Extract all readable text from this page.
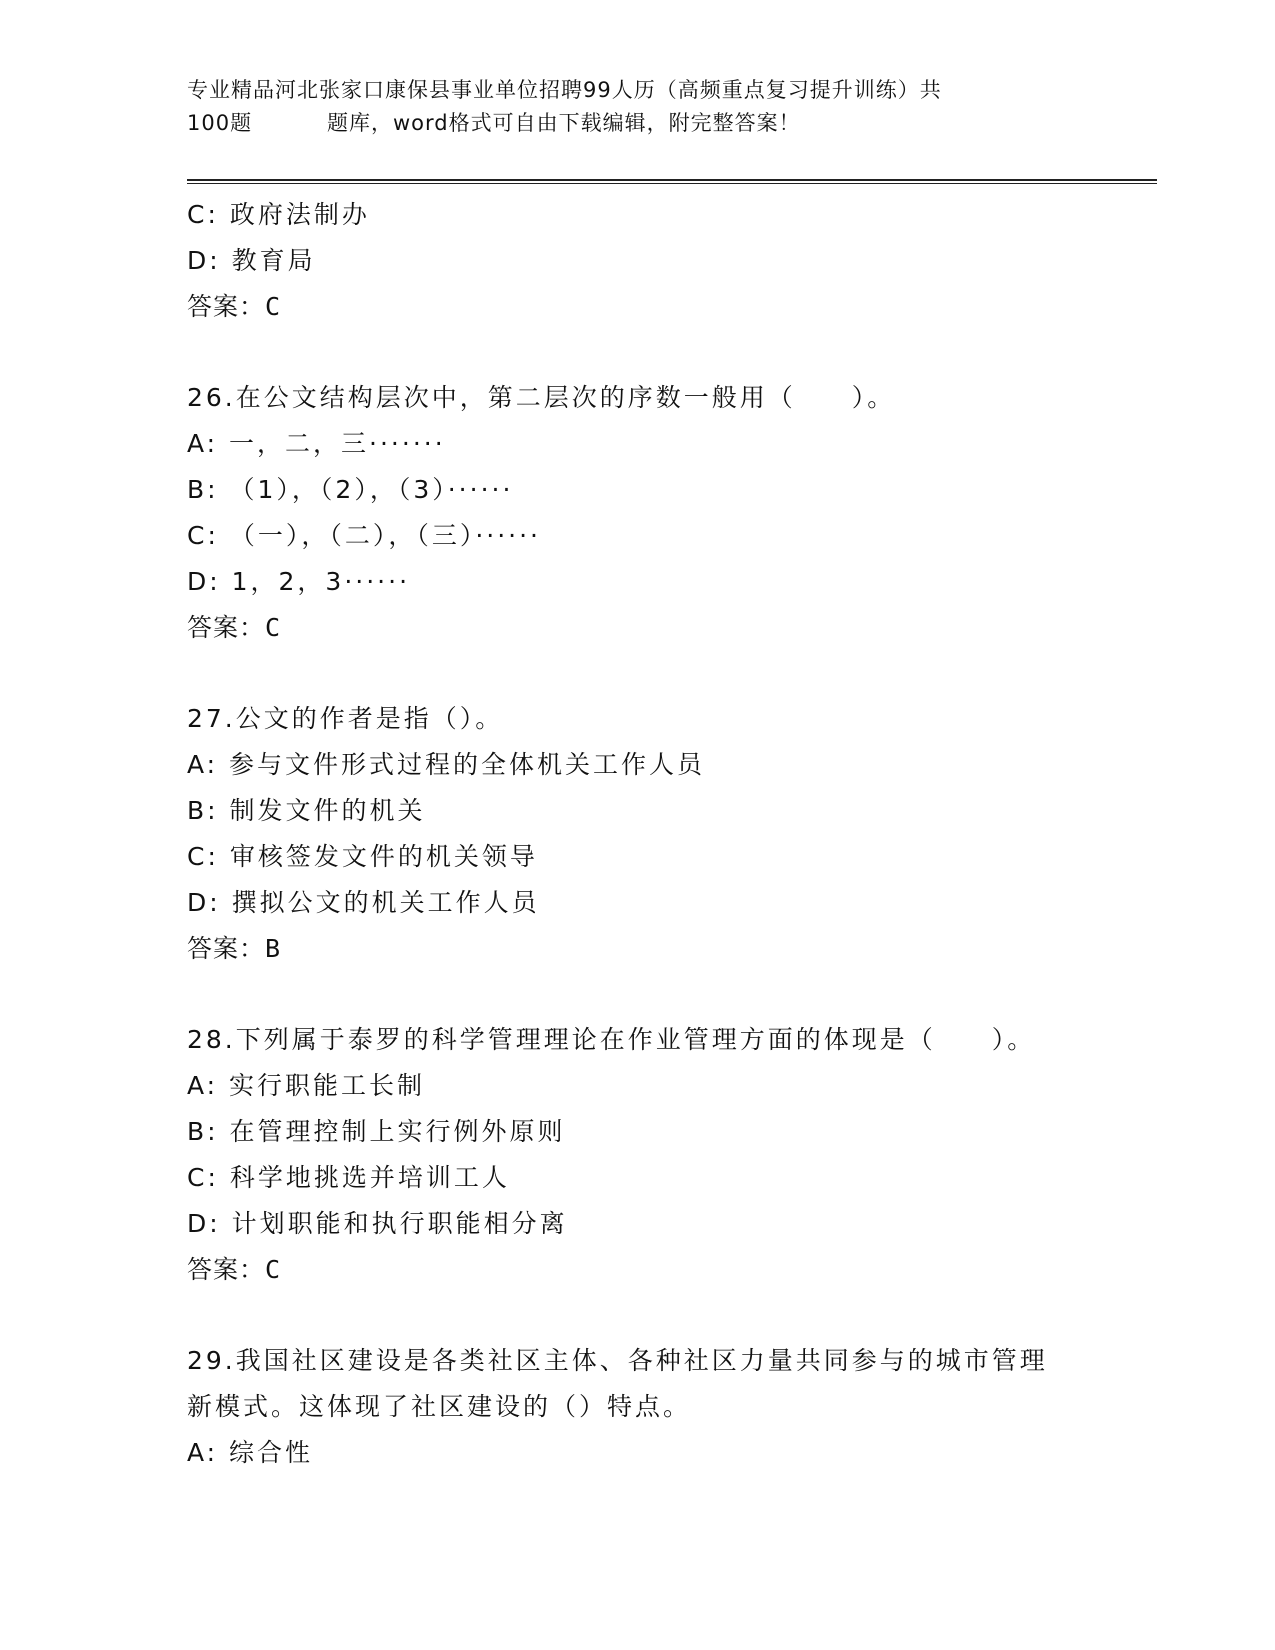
专业精品河北张家口康保县事业单位招聘99人历（高频重点复习提升训练）共
100题	题库，word格式可自由下载编辑，附完整答案！
C: 政府法制办
D: 教育局
答案：C
26.在公文结构层次中，第二层次的序数一般用（　　）。
A: 一，二，三·······
B: （1），（2），（3）······
C: （一），（二），（三）······
D: 1，2，3······
答案：C
27.公文的作者是指（）。
A: 参与文件形式过程的全体机关工作人员
B: 制发文件的机关
C: 审核签发文件的机关领导
D: 撰拟公文的机关工作人员
答案：B
28.下列属于泰罗的科学管理理论在作业管理方面的体现是（　　）。
A: 实行职能工长制
B: 在管理控制上实行例外原则
C: 科学地挑选并培训工人
D: 计划职能和执行职能相分离
答案：C
29.我国社区建设是各类社区主体、各种社区力量共同参与的城市管理
新模式。这体现了社区建设的（）特点。
A: 综合性
